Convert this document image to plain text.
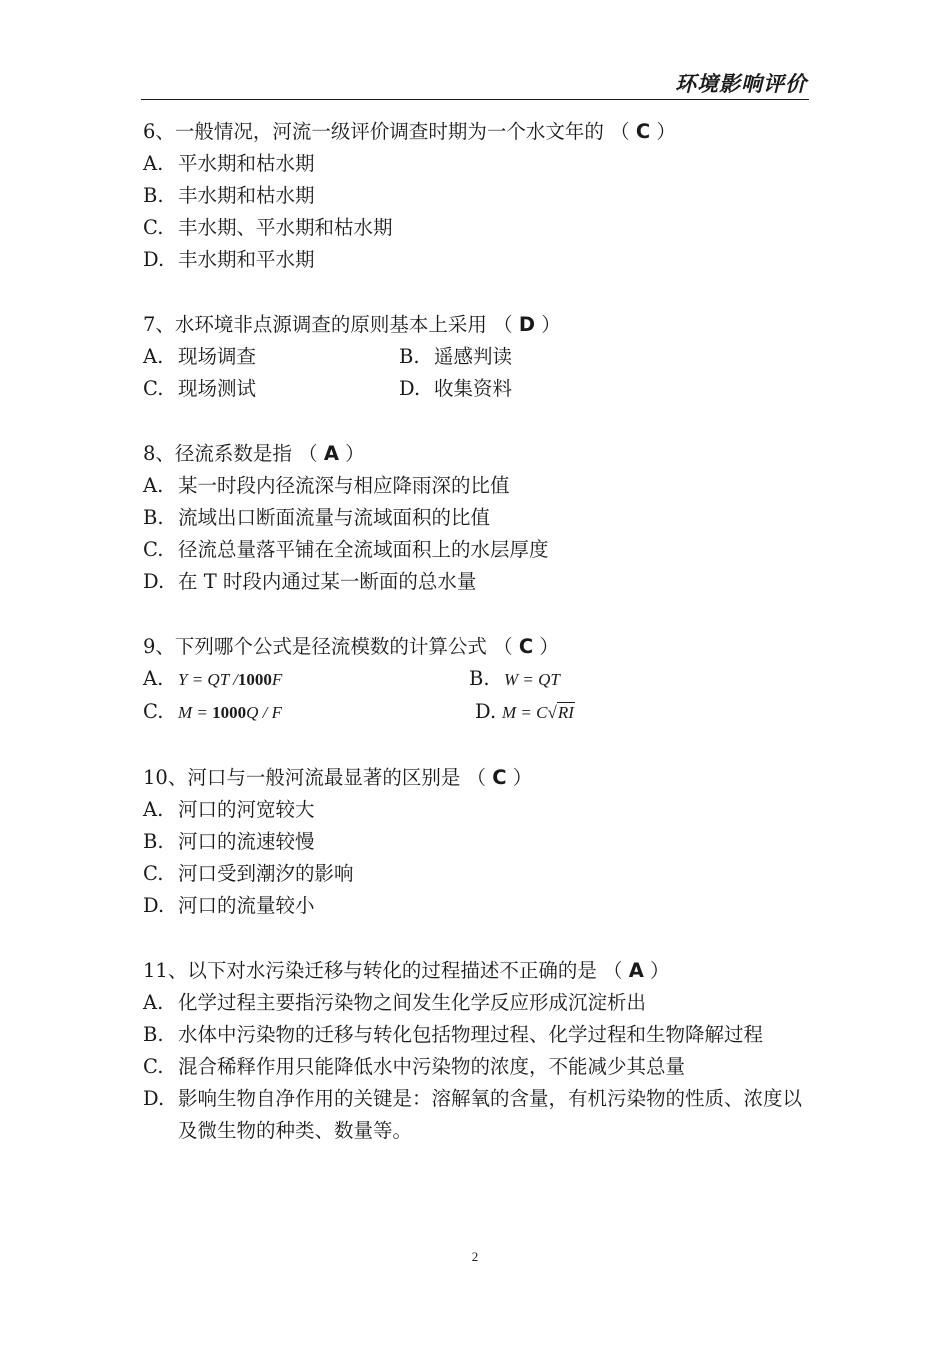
环境影响评价
6、一般情况，河流一级评价调查时期为一个水文年的 （ C ）
A. 平水期和枯水期
B. 丰水期和枯水期
C. 丰水期、平水期和枯水期
D. 丰水期和平水期
7、水环境非点源调查的原则基本上采用 （ D ）
A. 现场调查	B. 遥感判读
C. 现场测试	D. 收集资料
8、径流系数是指 （ A ）
A. 某一时段内径流深与相应降雨深的比值
B. 流域出口断面流量与流域面积的比值
C. 径流总量落平铺在全流域面积上的水层厚度
D. 在 T 时段内通过某一断面的总水量
9、下列哪个公式是径流模数的计算公式 （ C ）
A. Y = QT /1000F	B. W = QT
C. M = 1000Q / F	D. M = C√RI
10、河口与一般河流最显著的区别是 （ C ）
A. 河口的河宽较大
B. 河口的流速较慢
C. 河口受到潮汐的影响
D. 河口的流量较小
11、以下对水污染迁移与转化的过程描述不正确的是 （ A ）
A. 化学过程主要指污染物之间发生化学反应形成沉淀析出
B. 水体中污染物的迁移与转化包括物理过程、化学过程和生物降解过程
C. 混合稀释作用只能降低水中污染物的浓度，不能减少其总量
D. 影响生物自净作用的关键是：溶解氧的含量，有机污染物的性质、浓度以及微生物的种类、数量等。
2
